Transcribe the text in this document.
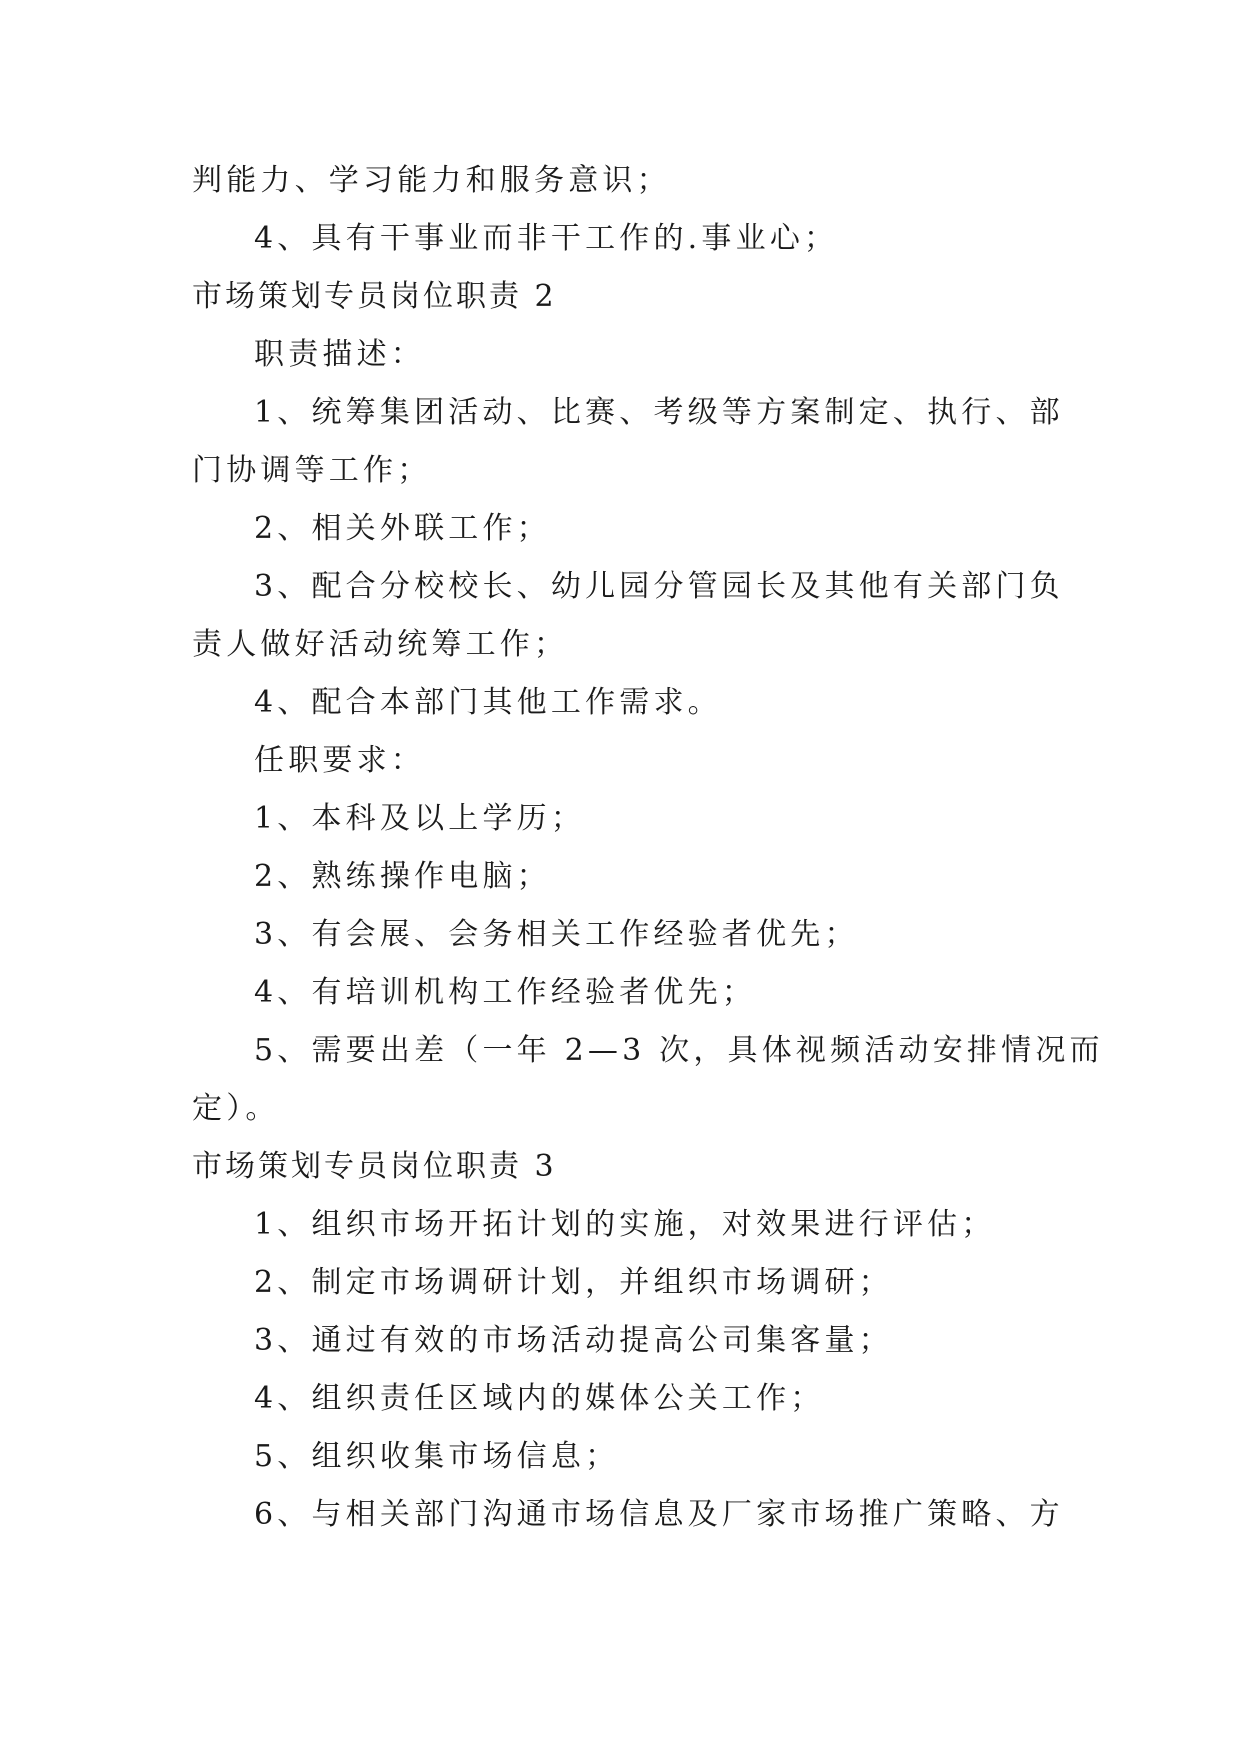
判能力、学习能力和服务意识；
4、具有干事业而非干工作的.事业心；
市场策划专员岗位职责 2
职责描述：
1、统筹集团活动、比赛、考级等方案制定、执行、部
门协调等工作；
2、相关外联工作；
3、配合分校校长、幼儿园分管园长及其他有关部门负
责人做好活动统筹工作；
4、配合本部门其他工作需求。
任职要求：
1、本科及以上学历；
2、熟练操作电脑；
3、有会展、会务相关工作经验者优先；
4、有培训机构工作经验者优先；
5、需要出差（一年 2—3 次，具体视频活动安排情况而
定）。
市场策划专员岗位职责 3
1、组织市场开拓计划的实施，对效果进行评估；
2、制定市场调研计划，并组织市场调研；
3、通过有效的市场活动提高公司集客量；
4、组织责任区域内的媒体公关工作；
5、组织收集市场信息；
6、与相关部门沟通市场信息及厂家市场推广策略、方
